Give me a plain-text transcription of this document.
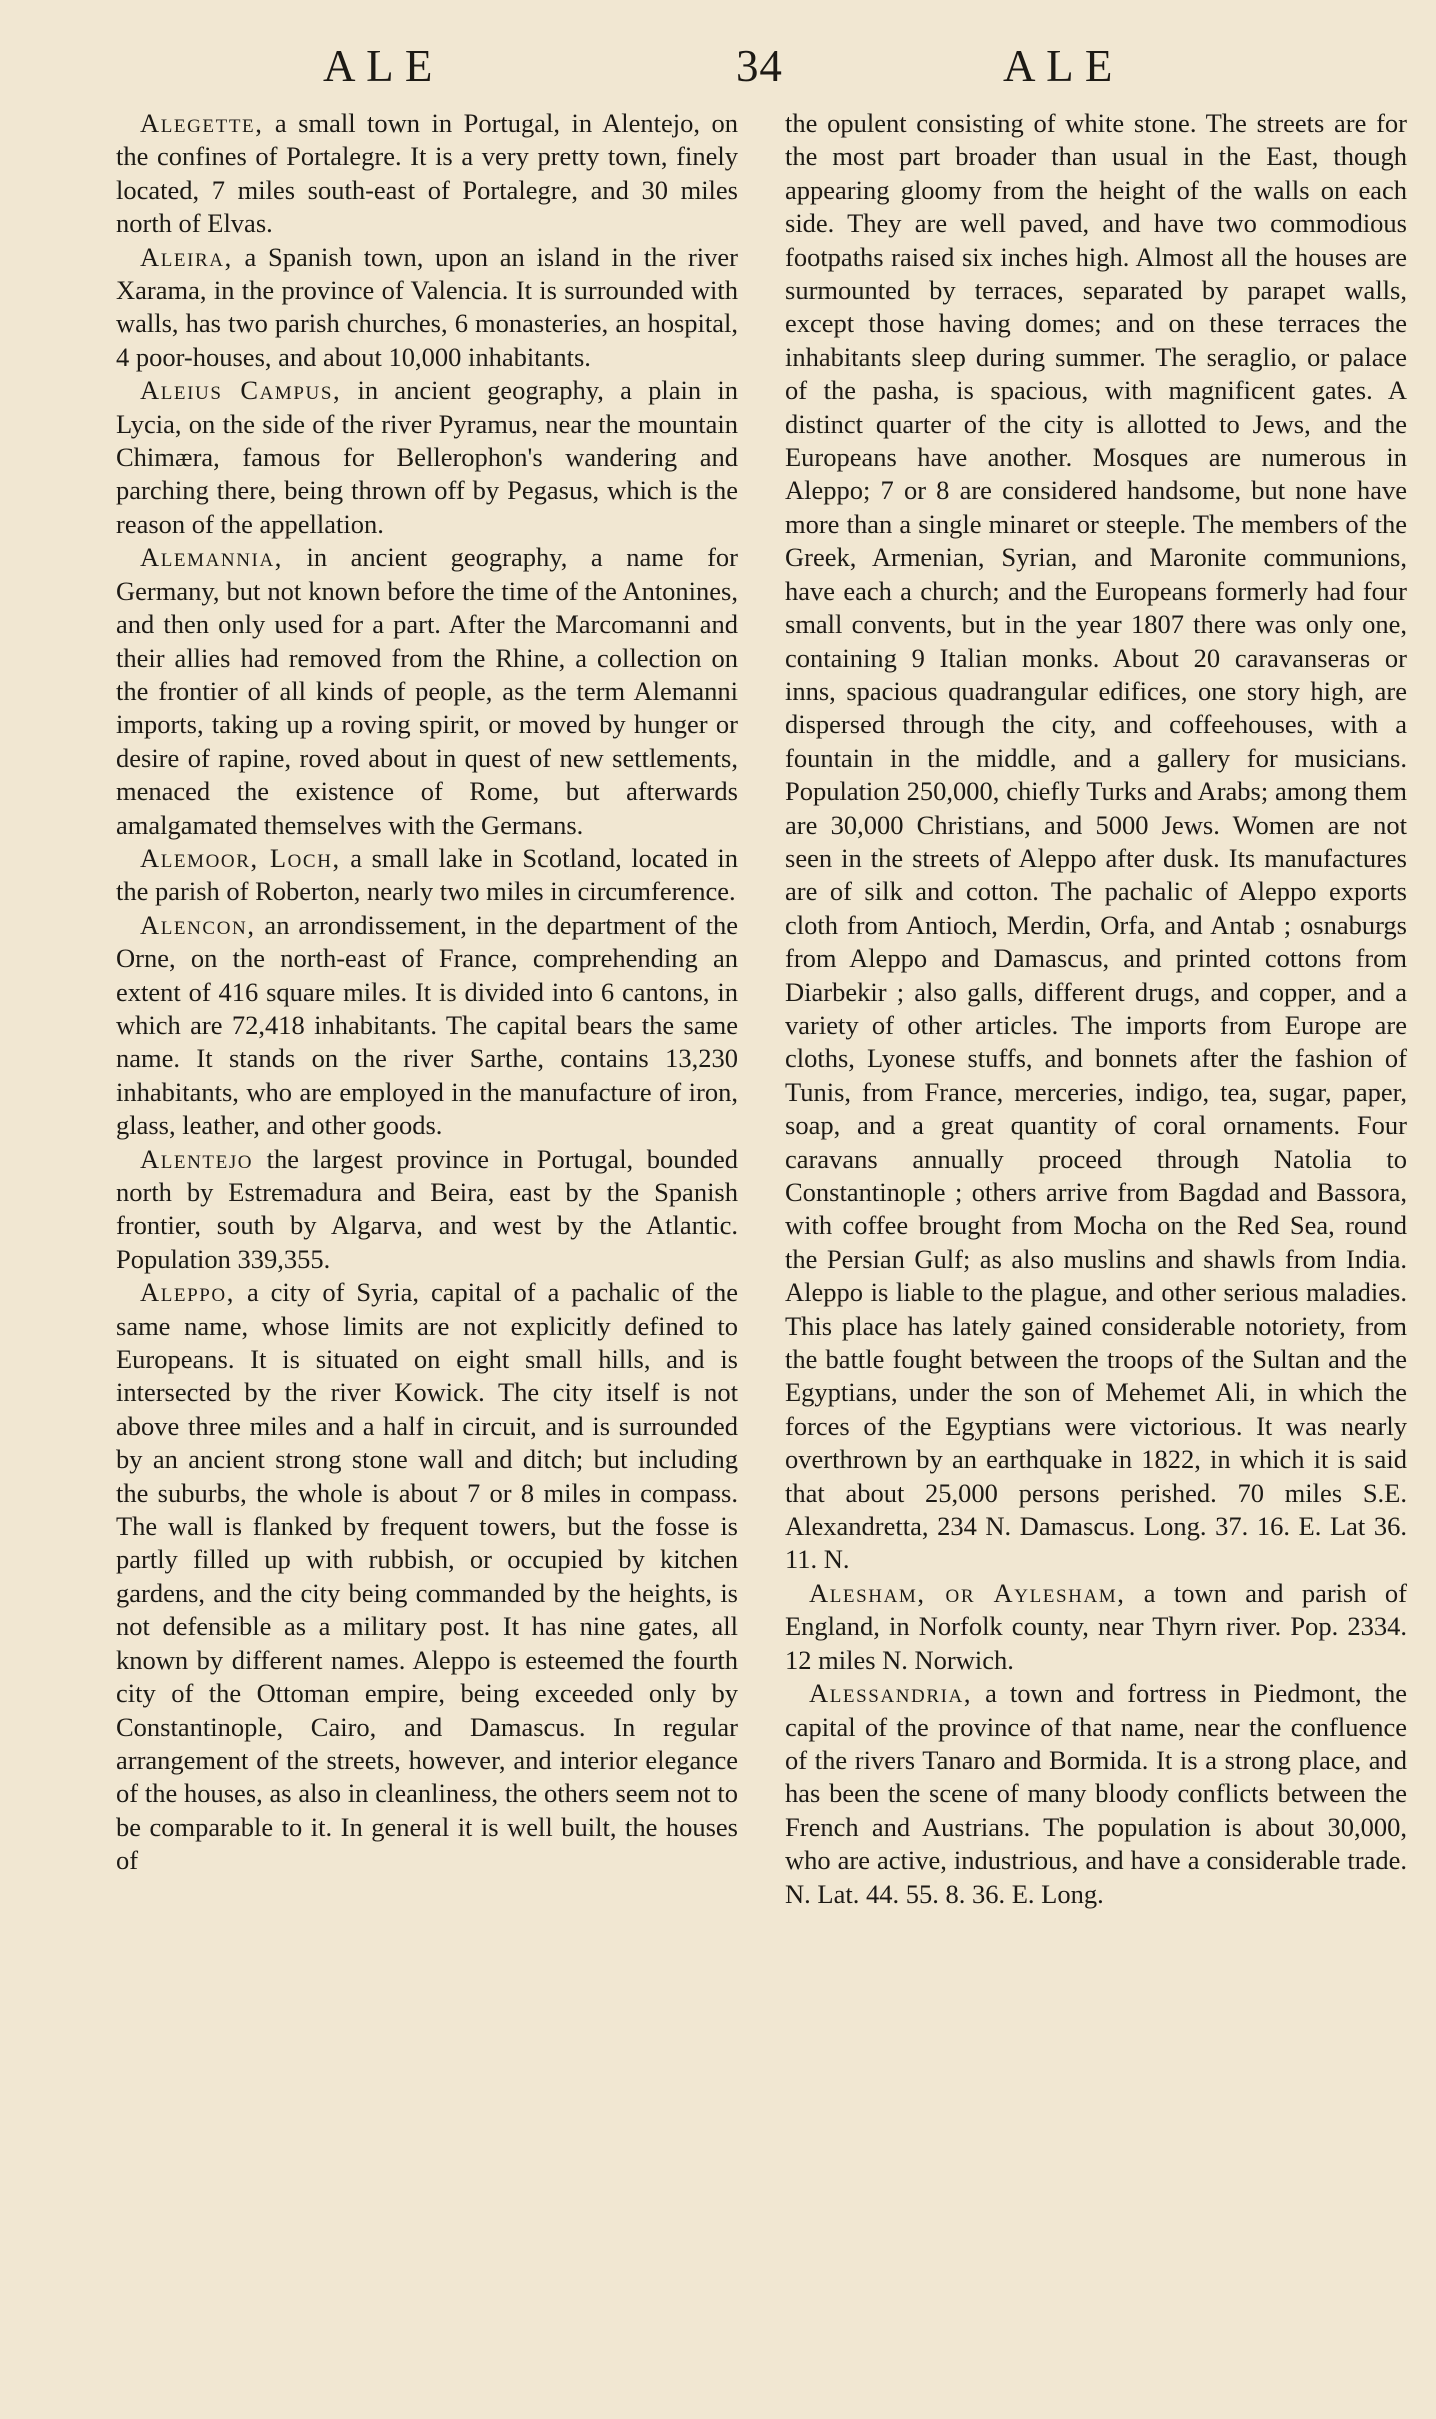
A L E	34	A L E

Alegette, a small town in Portugal, in Alentejo, on the confines of Portalegre. It is a very pretty town, finely located, 7 miles south-east of Portalegre, and 30 miles north of Elvas.

Aleira, a Spanish town, upon an island in the river Xarama, in the province of Valencia. It is surrounded with walls, has two parish churches, 6 monasteries, an hospital, 4 poor-houses, and about 10,000 inhabitants.

Aleius Campus, in ancient geography, a plain in Lycia, on the side of the river Pyramus, near the mountain Chimæra, famous for Bellerophon's wandering and parching there, being thrown off by Pegasus, which is the reason of the appellation.

Alemannia, in ancient geography, a name for Germany, but not known before the time of the Antonines, and then only used for a part. After the Marcomanni and their allies had removed from the Rhine, a collection on the frontier of all kinds of people, as the term Alemanni imports, taking up a roving spirit, or moved by hunger or desire of rapine, roved about in quest of new settlements, menaced the existence of Rome, but afterwards amalgamated themselves with the Germans.

Alemoor, Loch, a small lake in Scotland, located in the parish of Roberton, nearly two miles in circumference.

Alencon, an arrondissement, in the department of the Orne, on the north-east of France, comprehending an extent of 416 square miles. It is divided into 6 cantons, in which are 72,418 inhabitants. The capital bears the same name. It stands on the river Sarthe, contains 13,230 inhabitants, who are employed in the manufacture of iron, glass, leather, and other goods.

Alentejo the largest province in Portugal, bounded north by Estremadura and Beira, east by the Spanish frontier, south by Algarva, and west by the Atlantic. Population 339,355.

Aleppo, a city of Syria, capital of a pachalic of the same name, whose limits are not explicitly defined to Europeans. It is situated on eight small hills, and is intersected by the river Kowick. The city itself is not above three miles and a half in circuit, and is surrounded by an ancient strong stone wall and ditch; but including the suburbs, the whole is about 7 or 8 miles in compass. The wall is flanked by frequent towers, but the fosse is partly filled up with rubbish, or occupied by kitchen gardens, and the city being commanded by the heights, is not defensible as a military post. It has nine gates, all known by different names. Aleppo is esteemed the fourth city of the Ottoman empire, being exceeded only by Constantinople, Cairo, and Damascus. In regular arrangement of the streets, however, and interior elegance of the houses, as also in cleanliness, the others seem not to be comparable to it. In general it is well built, the houses of

the opulent consisting of white stone. The streets are for the most part broader than usual in the East, though appearing gloomy from the height of the walls on each side. They are well paved, and have two commodious footpaths raised six inches high. Almost all the houses are surmounted by terraces, separated by parapet walls, except those having domes; and on these terraces the inhabitants sleep during summer. The seraglio, or palace of the pasha, is spacious, with magnificent gates. A distinct quarter of the city is allotted to Jews, and the Europeans have another. Mosques are numerous in Aleppo; 7 or 8 are considered handsome, but none have more than a single minaret or steeple. The members of the Greek, Armenian, Syrian, and Maronite communions, have each a church; and the Europeans formerly had four small convents, but in the year 1807 there was only one, containing 9 Italian monks. About 20 caravanseras or inns, spacious quadrangular edifices, one story high, are dispersed through the city, and coffeehouses, with a fountain in the middle, and a gallery for musicians. Population 250,000, chiefly Turks and Arabs; among them are 30,000 Christians, and 5000 Jews. Women are not seen in the streets of Aleppo after dusk. Its manufactures are of silk and cotton. The pachalic of Aleppo exports cloth from Antioch, Merdin, Orfa, and Antab ; osnaburgs from Aleppo and Damascus, and printed cottons from Diarbekir ; also galls, different drugs, and copper, and a variety of other articles. The imports from Europe are cloths, Lyonese stuffs, and bonnets after the fashion of Tunis, from France, merceries, indigo, tea, sugar, paper, soap, and a great quantity of coral ornaments. Four caravans annually proceed through Natolia to Constantinople ; others arrive from Bagdad and Bassora, with coffee brought from Mocha on the Red Sea, round the Persian Gulf; as also muslins and shawls from India. Aleppo is liable to the plague, and other serious maladies. This place has lately gained considerable notoriety, from the battle fought between the troops of the Sultan and the Egyptians, under the son of Mehemet Ali, in which the forces of the Egyptians were victorious. It was nearly overthrown by an earthquake in 1822, in which it is said that about 25,000 persons perished. 70 miles S.E. Alexandretta, 234 N. Damascus. Long. 37. 16. E. Lat 36. 11. N.

Alesham, or Aylesham, a town and parish of England, in Norfolk county, near Thyrn river. Pop. 2334. 12 miles N. Norwich.

Alessandria, a town and fortress in Piedmont, the capital of the province of that name, near the confluence of the rivers Tanaro and Bormida. It is a strong place, and has been the scene of many bloody conflicts between the French and Austrians. The population is about 30,000, who are active, industrious, and have a considerable trade. N. Lat. 44. 55. 8. 36. E. Long.
